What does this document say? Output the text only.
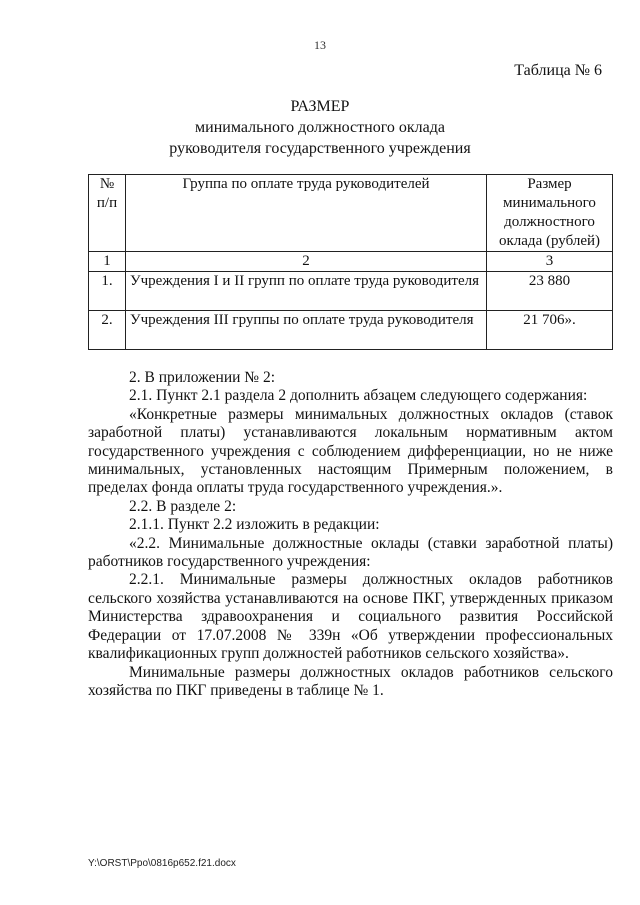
13
Таблица № 6
РАЗМЕР
минимального должностного оклада
руководителя государственного учреждения
№ п/п	Группа по оплате труда руководителей	Размер минимального должностного оклада (рублей)
1	2	3
1.	Учреждения I и II групп по оплате труда руководителя	23 880
2.	Учреждения III группы по оплате труда руководителя	21 706».

2. В приложении № 2:

2.1. Пункт 2.1 раздела 2 дополнить абзацем следующего содержания:

«Конкретные размеры минимальных должностных окладов (ставок заработной платы) устанавливаются локальным нормативным актом государственного учреждения с соблюдением дифференциации, но не ниже минимальных, установленных настоящим Примерным положением, в пределах фонда оплаты труда государственного учреждения.».

2.2. В разделе 2:

2.1.1. Пункт 2.2 изложить в редакции:

«2.2. Минимальные должностные оклады (ставки заработной платы) работников государственного учреждения:

2.2.1. Минимальные размеры должностных окладов работников сельского хозяйства устанавливаются на основе ПКГ, утвержденных приказом Министерства здравоохранения и социального развития Российской Федерации от 17.07.2008 № 339н «Об утверждении профессиональных квалификационных групп должностей работников сельского хозяйства».

Минимальные размеры должностных окладов работников сельского хозяйства по ПКГ приведены в таблице № 1.

Y:\ORST\Ppo\0816p652.f21.docx
